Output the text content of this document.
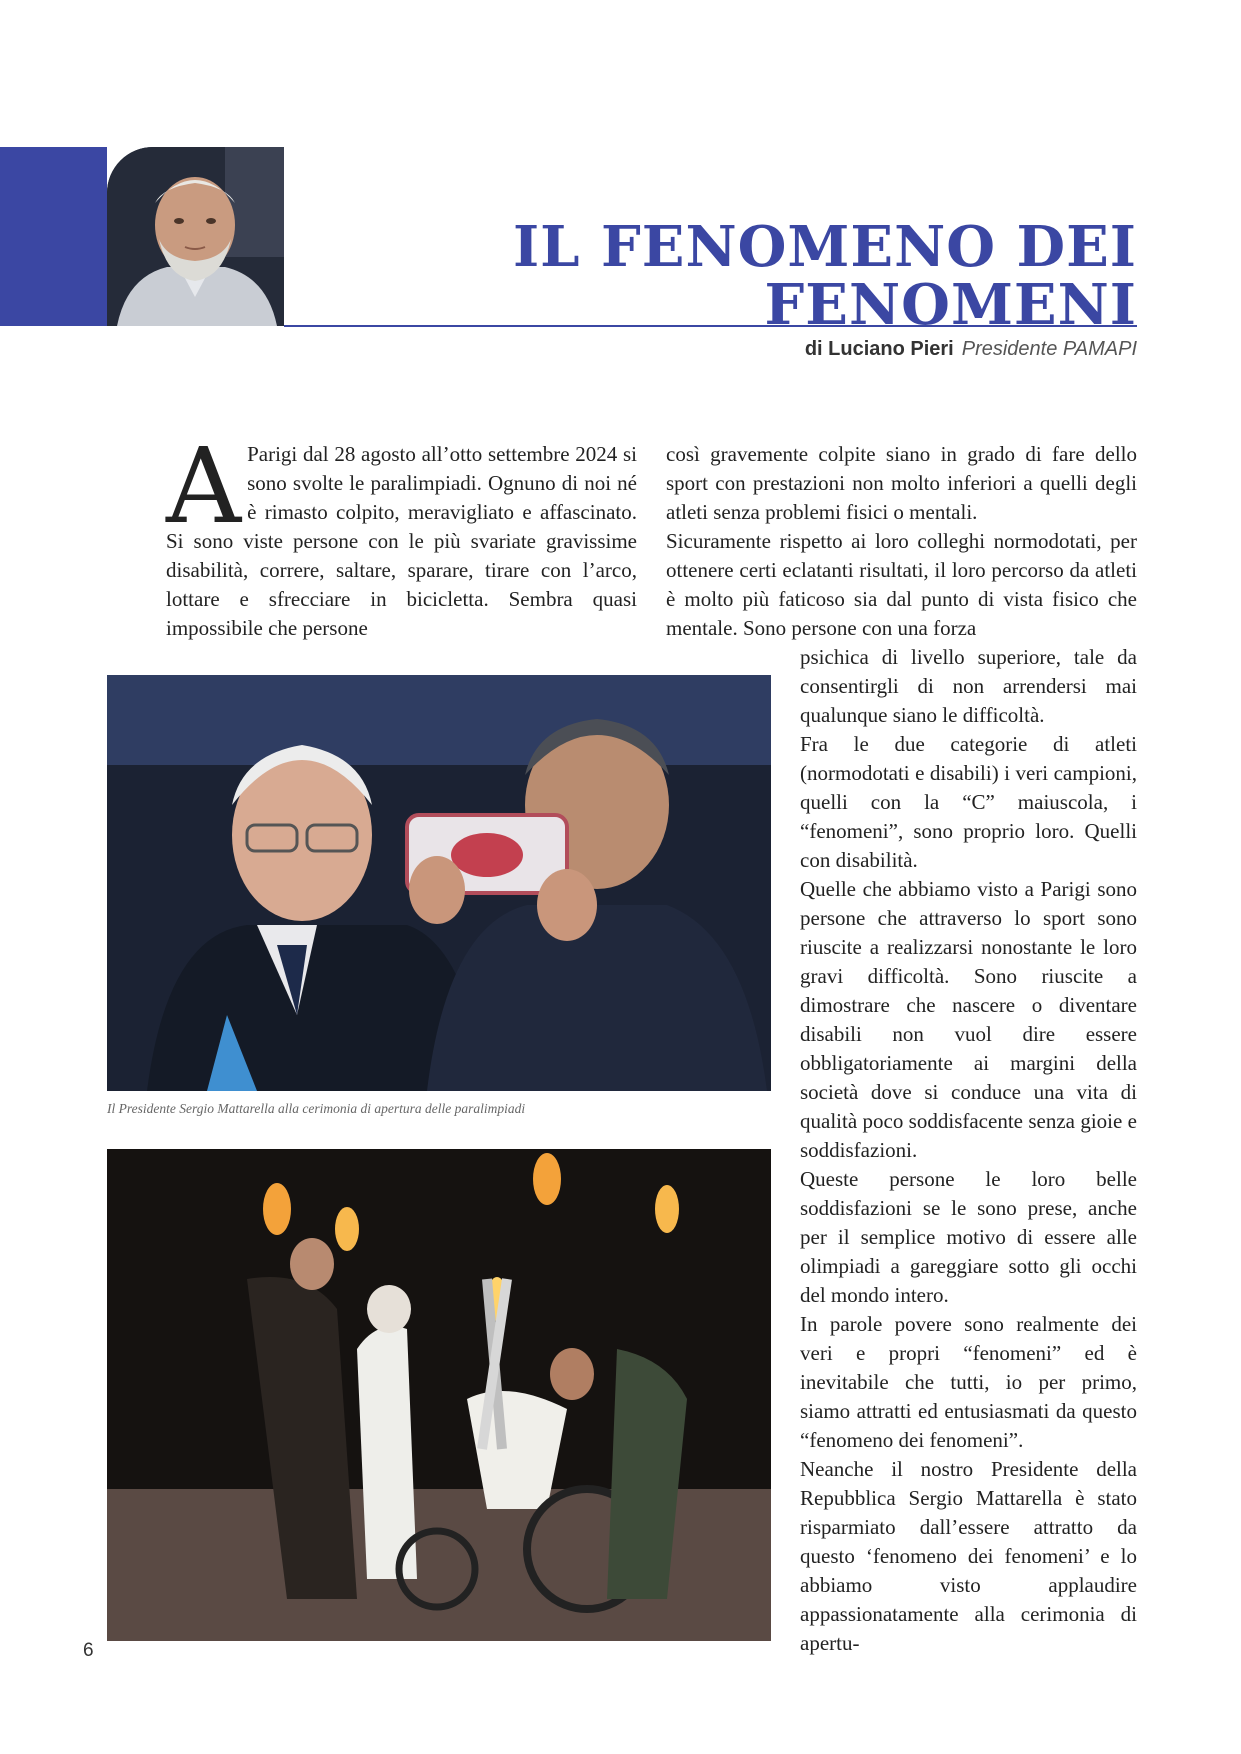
IL FENOMENO DEI
FENOMENI

di Luciano Pieri Presidente PAMAPI

A Parigi dal 28 agosto all’otto settembre 2024 si sono svolte le paralimpiadi. Ognuno di noi né è rimasto colpito, meravigliato e affascinato. Si sono viste persone con le più svariate gravissime disabilità, correre, saltare, sparare, tirare con l’arco, lottare e sfrecciare in bicicletta. Sembra quasi impossibile che persone

così gravemente colpite siano in grado di fare dello sport con prestazioni non molto inferiori a quelli degli atleti senza problemi fisici o mentali.

Sicuramente rispetto ai loro colleghi normodotati, per ottenere certi eclatanti risultati, il loro percorso da atleti è molto più faticoso sia dal punto di vista fisico che mentale. Sono persone con una forza

psichica di livello superiore, tale da consentirgli di non arrendersi mai qualunque siano le difficoltà.

Fra le due categorie di atleti (normodotati e disabili) i veri campioni, quelli con la “C” maiuscola, i “fenomeni”, sono proprio loro. Quelli con disabilità.

Quelle che abbiamo visto a Parigi sono persone che attraverso lo sport sono riuscite a realizzarsi nonostante le loro gravi difficoltà. Sono riuscite a dimostrare che nascere o diventare disabili non vuol dire essere obbligatoriamente ai margini della società dove si conduce una vita di qualità poco soddisfacente senza gioie e soddisfazioni.

Queste persone le loro belle soddisfazioni se le sono prese, anche per il semplice motivo di essere alle olimpiadi a gareggiare sotto gli occhi del mondo intero.

In parole povere sono realmente dei veri e propri “fenomeni” ed è inevitabile che tutti, io per primo, siamo attratti ed entusiasmati da questo “fenomeno dei fenomeni”.

Neanche il nostro Presidente della Repubblica Sergio Mattarella è stato risparmiato dall’essere attratto da questo ‘fenomeno dei fenomeni’ e lo abbiamo visto applaudire appassionatamente alla cerimonia di apertu-

Il Presidente Sergio Mattarella alla cerimonia di apertura delle paralimpiadi

6
